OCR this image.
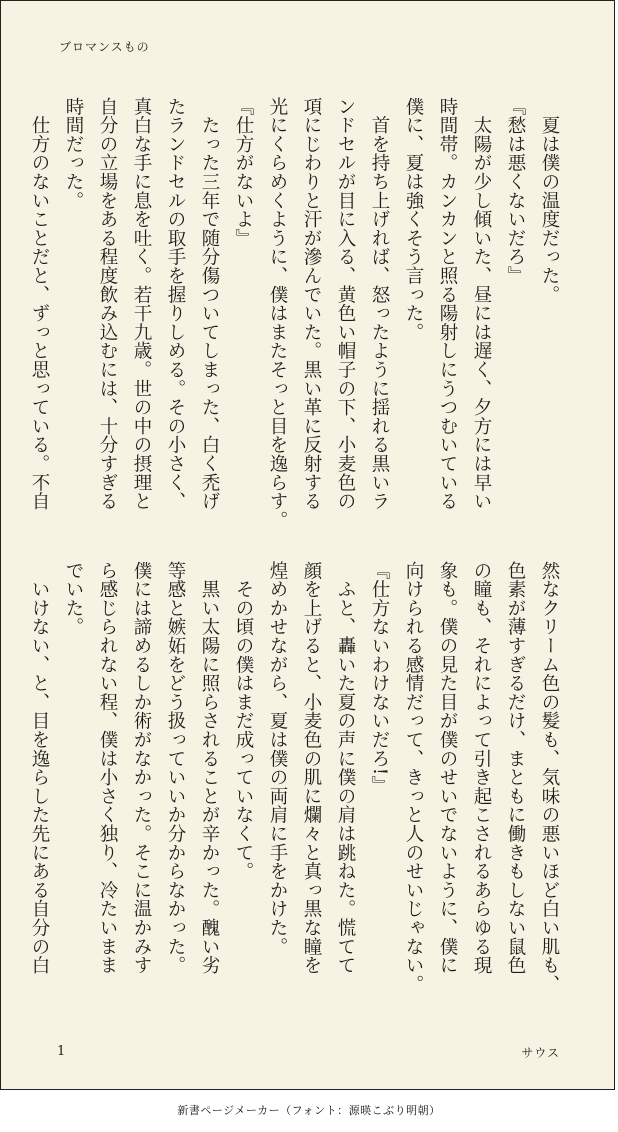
ブロマンスもの
　夏は僕の温度だった。
『愁は悪くないだろ』
　太陽が少し傾いた、昼には遅く、夕方には早い
時間帯。カンカンと照る陽射しにうつむいている
僕に、夏は強くそう言った。
　首を持ち上げれば、怒ったように揺れる黒いラ
ンドセルが目に入る、黄色い帽子の下、小麦色の
項にじわりと汗が滲んでいた。黒い革に反射する
光にくらめくように、僕はまたそっと目を逸らす。
『仕方がないよ』
　たった三年で随分傷ついてしまった、白く禿げ
たランドセルの取手を握りしめる。その小さく、
真白な手に息を吐く。若干九歳。世の中の摂理と
自分の立場をある程度飲み込むには、十分すぎる
時間だった。
　仕方のないことだと、ずっと思っている。不自
然なクリーム色の髪も、気味の悪いほど白い肌も、
色素が薄すぎるだけ、まともに働きもしない鼠色
の瞳も、それによって引き起こされるあらゆる現
象も。僕の見た目が僕のせいでないように、僕に
向けられる感情だって、きっと人のせいじゃない。
『仕方ないわけないだろ!』
　ふと、轟いた夏の声に僕の肩は跳ねた。慌てて
顔を上げると、小麦色の肌に爛々と真っ黒な瞳を
煌めかせながら、夏は僕の両肩に手をかけた。
　その頃の僕はまだ成っていなくて。
　黒い太陽に照らされることが辛かった。醜い劣
等感と嫉妬をどう扱っていいか分からなかった。
僕には諦めるしか術がなかった。そこに温かみす
ら感じられない程、僕は小さく独り、冷たいまま
でいた。
　いけない、と、目を逸らした先にある自分の白
1	サウス
新書ページメーカー（フォント：源暎こぶり明朝）
